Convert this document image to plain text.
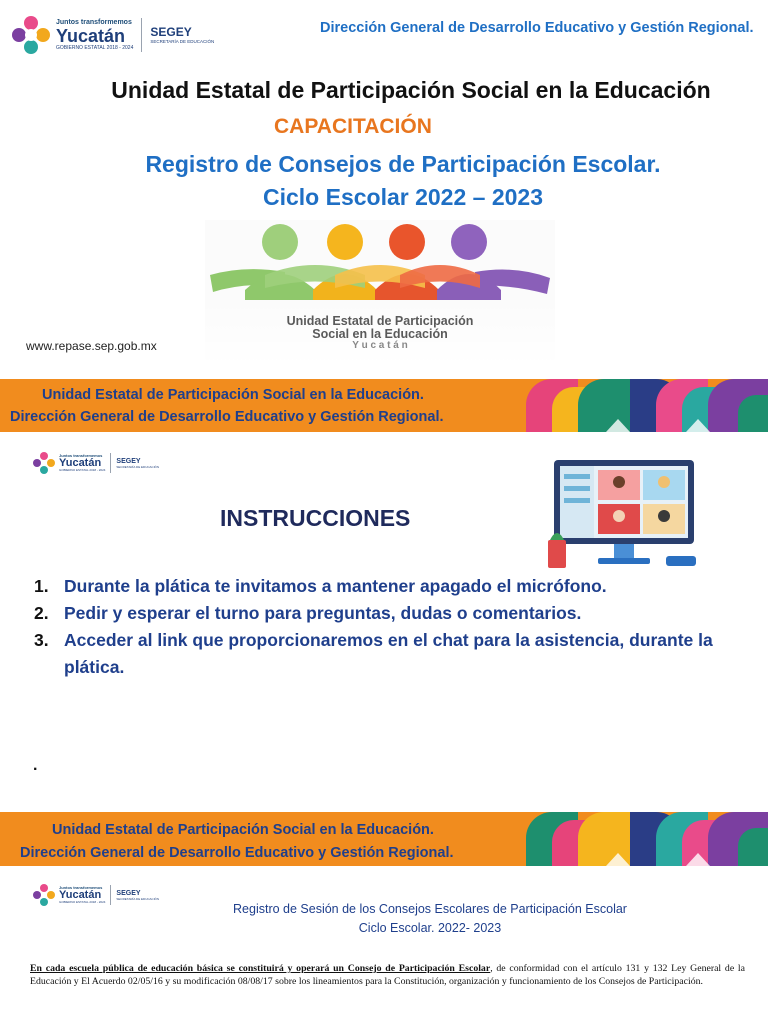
Juntos transformemos
Yucatán
GOBIERNO ESTATAL 2018 - 2024
SEGEY
SECRETARÍA DE EDUCACIÓN
Dirección General de Desarrollo Educativo y Gestión Regional.
Unidad Estatal de Participación Social en la Educación
CAPACITACIÓN
Registro de Consejos de Participación Escolar.
Ciclo Escolar 2022 – 2023
Unidad Estatal de Participación
Social en la Educación
Y u c a t á n
www.repase.sep.gob.mx
Unidad Estatal de Participación Social en la Educación.
Dirección General de Desarrollo Educativo y Gestión Regional.
Juntos transformemos
Yucatán
GOBIERNO ESTATAL 2018 - 2024
SEGEY
SECRETARÍA DE EDUCACIÓN
INSTRUCCIONES
1. Durante la plática te invitamos a mantener apagado el micrófono.
2. Pedir y esperar el turno para preguntas, dudas o comentarios.
3. Acceder al link que proporcionaremos en el chat para la asistencia, durante la plática.
.
Unidad Estatal de Participación Social en la Educación.
Dirección General de Desarrollo Educativo y Gestión Regional.
Juntos transformemos
Yucatán
GOBIERNO ESTATAL 2018 - 2024
SEGEY
SECRETARÍA DE EDUCACIÓN
Registro de Sesión de los Consejos Escolares de Participación Escolar
Ciclo Escolar. 2022- 2023
En cada escuela pública de educación básica se constituirá y operará un Consejo de Participación Escolar, de conformidad con el artículo 131 y 132 Ley General de la Educación y El Acuerdo 02/05/16 y su modificación 08/08/17 sobre los lineamientos para la Constitución, organización y funcionamiento de los Consejos de Participación.
